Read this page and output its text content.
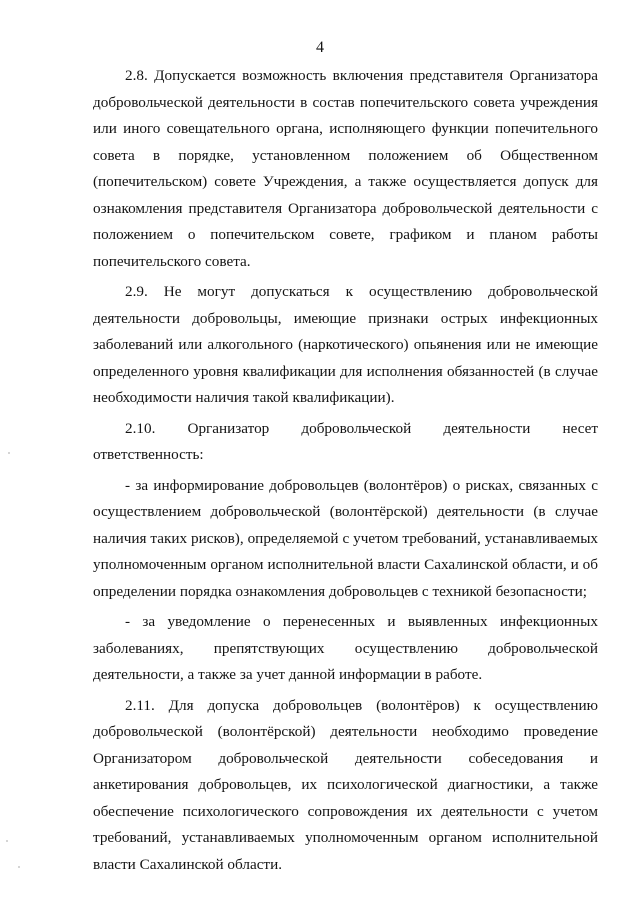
4

2.8. Допускается возможность включения представителя Организатора добровольческой деятельности в состав попечительского совета учреждения или иного совещательного органа, исполняющего функции попечительного совета в порядке, установленном положением об Общественном (попечительском) совете Учреждения, а также осуществляется допуск для ознакомления представителя Организатора добровольческой деятельности с положением о попечительском совете, графиком и планом работы попечительского совета.

2.9. Не могут допускаться к осуществлению добровольческой деятельности добровольцы, имеющие признаки острых инфекционных заболеваний или алкогольного (наркотического) опьянения или не имеющие определенного уровня квалификации для исполнения обязанностей (в случае необходимости наличия такой квалификации).

2.10. Организатор добровольческой деятельности несет ответственность:

- за информирование добровольцев (волонтёров) о рисках, связанных с осуществлением добровольческой (волонтёрской) деятельности (в случае наличия таких рисков), определяемой с учетом требований, устанавливаемых уполномоченным органом исполнительной власти Сахалинской области, и об определении порядка ознакомления добровольцев с техникой безопасности;

- за уведомление о перенесенных и выявленных инфекционных заболеваниях, препятствующих осуществлению добровольческой деятельности, а также за учет данной информации в работе.

2.11. Для допуска добровольцев (волонтёров) к осуществлению добровольческой (волонтёрской) деятельности необходимо проведение Организатором добровольческой деятельности собеседования и анкетирования добровольцев, их психологической диагностики, а также обеспечение психологического сопровождения их деятельности с учетом требований, устанавливаемых уполномоченным органом исполнительной власти Сахалинской области.
